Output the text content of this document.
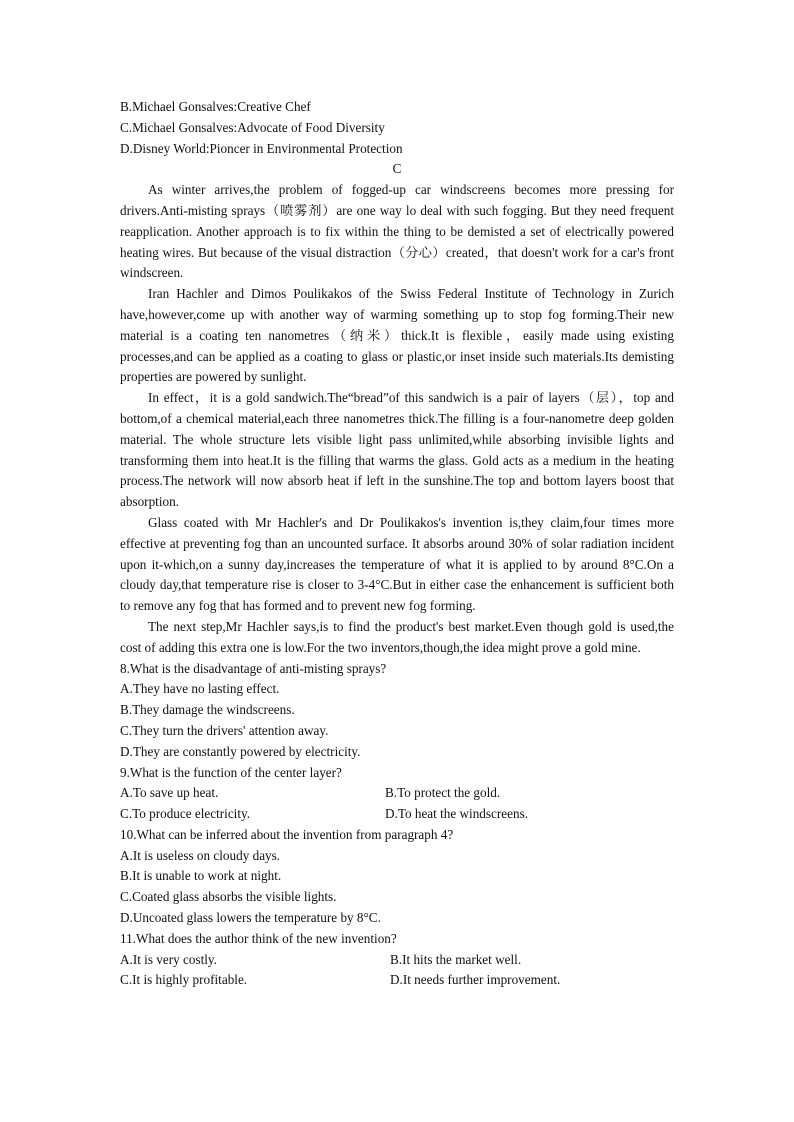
B.Michael Gonsalves:Creative Chef
C.Michael Gonsalves:Advocate of Food Diversity
D.Disney World:Pioncer in Environmental Protection
C

As winter arrives,the problem of fogged-up car windscreens becomes more pressing for drivers.Anti-misting sprays（喷雾剂）are one way lo deal with such fogging. But they need frequent reapplication. Another approach is to fix within the thing to be demisted a set of electrically powered heating wires. But because of the visual distraction（分心）created，that doesn't work for a car's front windscreen.

Iran Hachler and Dimos Poulikakos of the Swiss Federal Institute of Technology in Zurich have,however,come up with another way of warming something up to stop fog forming.Their new material is a coating ten nanometres（纳米）thick.It is flexible，easily made using existing processes,and can be applied as a coating to glass or plastic,or inset inside such materials.Its demisting properties are powered by sunlight.

In effect，it is a gold sandwich.The“bread”of this sandwich is a pair of layers（层），top and bottom,of a chemical material,each three nanometres thick.The filling is a four-nanometre deep golden material. The whole structure lets visible light pass unlimited,while absorbing invisible lights and transforming them into heat.It is the filling that warms the glass. Gold acts as a medium in the heating process.The network will now absorb heat if left in the sunshine.The top and bottom layers boost that absorption.

Glass coated with Mr Hachler's and Dr Poulikakos's invention is,they claim,four times more effective at preventing fog than an uncounted surface. It absorbs around 30% of solar radiation incident upon it-which,on a sunny day,increases the temperature of what it is applied to by around 8°C.On a cloudy day,that temperature rise is closer to 3-4°C.But in either case the enhancement is sufficient both to remove any fog that has formed and to prevent new fog forming.

The next step,Mr Hachler says,is to find the product's best market.Even though gold is used,the cost of adding this extra one is low.For the two inventors,though,the idea might prove a gold mine.

8.What is the disadvantage of anti-misting sprays?

A.They have no lasting effect.

B.They damage the windscreens.

C.They turn the drivers' attention away.

D.They are constantly powered by electricity.

9.What is the function of the center layer?

A.To save up heat.	B.To protect the gold.
C.To produce electricity.	D.To heat the windscreens.

10.What can be inferred about the invention from paragraph 4?

A.It is useless on cloudy days.

B.It is unable to work at night.

C.Coated glass absorbs the visible lights.

D.Uncoated glass lowers the temperature by 8°C.

11.What does the author think of the new invention?

A.It is very costly.	B.It hits the market well.
C.It is highly profitable.	D.It needs further improvement.
